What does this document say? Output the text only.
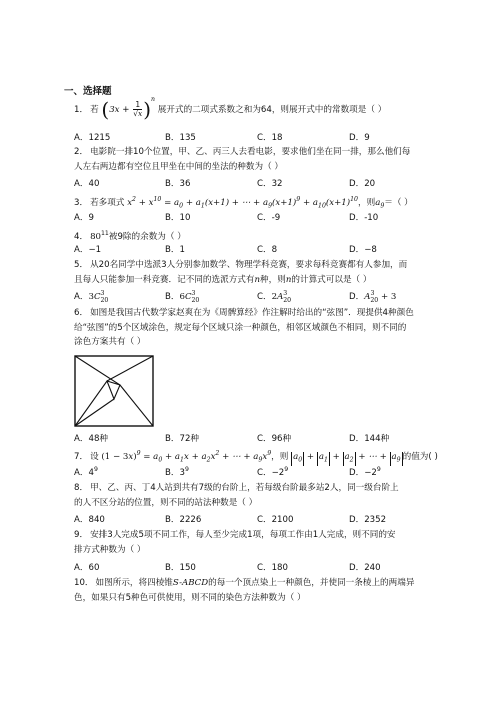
一、选择题
1． 若 $(3x + \frac{1}{√x} )^n$ 展开式的二项式系数之和为64，则展开式中的常数项是（ ）
A．1215	B．135	C．18	D．9
2． 电影院一排10个位置，甲、乙、丙三人去看电影，要求他们坐在同一排，那么他们每
人左右两边都有空位且甲坐在中间的坐法的种数为（ ）
A．40	B．36	C．32	D．20
3． 若多项式 $x^2 + x^{10} = a_0 + a_1(x+1)$ + ⋯ + $a_9(x+1)^9 + a_{10}(x+1)^{10}$，则$a_9=$（ ）
A．9	B．10	C．-9	D．-10
4． $80^{11}$被9除的余数为（ ）
A．−1	B．1	C．8	D．−8
5． 从20名同学中选派3人分别参加数学、物理学科竞赛，要求每科竞赛都有人参加，而
且每人只能参加一科竞赛．记不同的选派方式有n种，则n的计算式可以是（ ）
A．$3C^3_{20}$	B．$6C^3_{20}$	C．$2A^3_{20}$	D．$A^3_{20} + 3$
6． 如图是我国古代数学家赵爽在为《周髀算经》作注解时给出的“弦图”．现提供4种颜色
给“弦图”的5个区域涂色，规定每个区域只涂一种颜色，相邻区域颜色不相同，则不同的
涂色方案共有（ ）
A．48种	B．72种	C．96种	D．144种
7． 设 $(1 - 3x)^9 = a_0 + a_1x + a_2x^2$ + ⋯ + $a_9x^9$，则 $a_0 + a_1 + a_2$ + ⋯ + $a_9$ 的值为( )
A．$4^9$	B．$3^9$	C．$-2^9$	D．$-2^9$
8． 甲、乙、丙、丁4人站到共有7级的台阶上，若每级台阶最多站2人，同一级台阶上
的人不区分站的位置，则不同的站法种数是（ ）
A．840	B．2226	C．2100	D．2352
9． 安排3人完成5项不同工作，每人至少完成1项，每项工作由1人完成，则不同的安
排方式种数为（ ）
A．60	B．150	C．180	D．240
10． 如图所示，将四棱锥S-ABCD的每一个顶点染上一种颜色，并使同一条棱上的两端异
色，如果只有5种色可供使用，则不同的染色方法种数为（ ）
